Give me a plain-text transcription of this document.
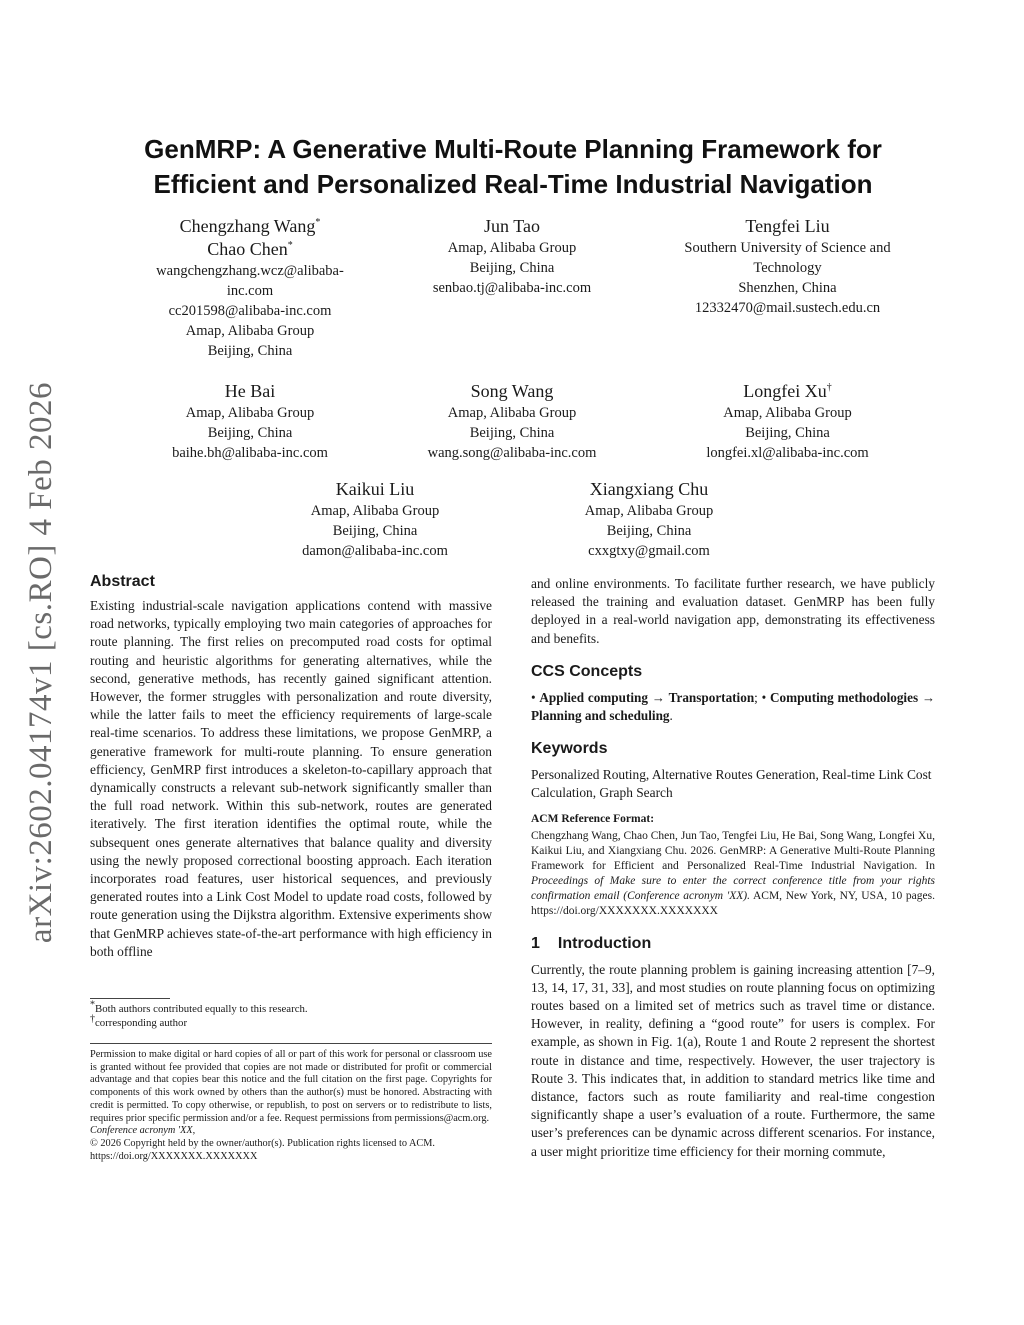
arXiv:2602.04174v1 [cs.RO] 4 Feb 2026
GenMRP: A Generative Multi-Route Planning Framework for
Efficient and Personalized Real-Time Industrial Navigation
Chengzhang Wang*
Chao Chen*
wangchengzhang.wcz@alibaba-
inc.com
cc201598@alibaba-inc.com
Amap, Alibaba Group
Beijing, China
Jun Tao
Amap, Alibaba Group
Beijing, China
senbao.tj@alibaba-inc.com
Tengfei Liu
Southern University of Science and
Technology
Shenzhen, China
12332470@mail.sustech.edu.cn
He Bai
Amap, Alibaba Group
Beijing, China
baihe.bh@alibaba-inc.com
Song Wang
Amap, Alibaba Group
Beijing, China
wang.song@alibaba-inc.com
Longfei Xu†
Amap, Alibaba Group
Beijing, China
longfei.xl@alibaba-inc.com
Kaikui Liu
Amap, Alibaba Group
Beijing, China
damon@alibaba-inc.com
Xiangxiang Chu
Amap, Alibaba Group
Beijing, China
cxxgtxy@gmail.com
Abstract

Existing industrial-scale navigation applications contend with massive road networks, typically employing two main categories of approaches for route planning. The first relies on precomputed road costs for optimal routing and heuristic algorithms for generating alternatives, while the second, generative methods, has recently gained significant attention. However, the former struggles with personalization and route diversity, while the latter fails to meet the efficiency requirements of large-scale real-time scenarios. To address these limitations, we propose GenMRP, a generative framework for multi-route planning. To ensure generation efficiency, GenMRP first introduces a skeleton-to-capillary approach that dynamically constructs a relevant sub-network significantly smaller than the full road network. Within this sub-network, routes are generated iteratively. The first iteration identifies the optimal route, while the subsequent ones generate alternatives that balance quality and diversity using the newly proposed correctional boosting approach. Each iteration incorporates road features, user historical sequences, and previously generated routes into a Link Cost Model to update road costs, followed by route generation using the Dijkstra algorithm. Extensive experiments show that GenMRP achieves state-of-the-art performance with high efficiency in both offline

*Both authors contributed equally to this research.

†corresponding author

Permission to make digital or hard copies of all or part of this work for personal or classroom use is granted without fee provided that copies are not made or distributed for profit or commercial advantage and that copies bear this notice and the full citation on the first page. Copyrights for components of this work owned by others than the author(s) must be honored. Abstracting with credit is permitted. To copy otherwise, or republish, to post on servers or to redistribute to lists, requires prior specific permission and/or a fee. Request permissions from permissions@acm.org.

Conference acronym 'XX,

© 2026 Copyright held by the owner/author(s). Publication rights licensed to ACM.

https://doi.org/XXXXXXX.XXXXXXX

and online environments. To facilitate further research, we have publicly released the training and evaluation dataset. GenMRP has been fully deployed in a real-world navigation app, demonstrating its effectiveness and benefits.

CCS Concepts

• Applied computing → Transportation; • Computing methodologies → Planning and scheduling.

Keywords

Personalized Routing, Alternative Routes Generation, Real-time Link Cost Calculation, Graph Search

ACM Reference Format:

Chengzhang Wang, Chao Chen, Jun Tao, Tengfei Liu, He Bai, Song Wang, Longfei Xu, Kaikui Liu, and Xiangxiang Chu. 2026. GenMRP: A Generative Multi-Route Planning Framework for Efficient and Personalized Real-Time Industrial Navigation. In Proceedings of Make sure to enter the correct conference title from your rights confirmation email (Conference acronym 'XX). ACM, New York, NY, USA, 10 pages. https://doi.org/XXXXXXX.XXXXXXX

1 Introduction

Currently, the route planning problem is gaining increasing attention [7–9, 13, 14, 17, 31, 33], and most studies on route planning focus on optimizing routes based on a limited set of metrics such as travel time or distance. However, in reality, defining a “good route” for users is complex. For example, as shown in Fig. 1(a), Route 1 and Route 2 represent the shortest route in distance and time, respectively. However, the user trajectory is Route 3. This indicates that, in addition to standard metrics like time and distance, factors such as route familiarity and real-time congestion significantly shape a user’s evaluation of a route. Furthermore, the same user’s preferences can be dynamic across different scenarios. For instance, a user might prioritize time efficiency for their morning commute,
